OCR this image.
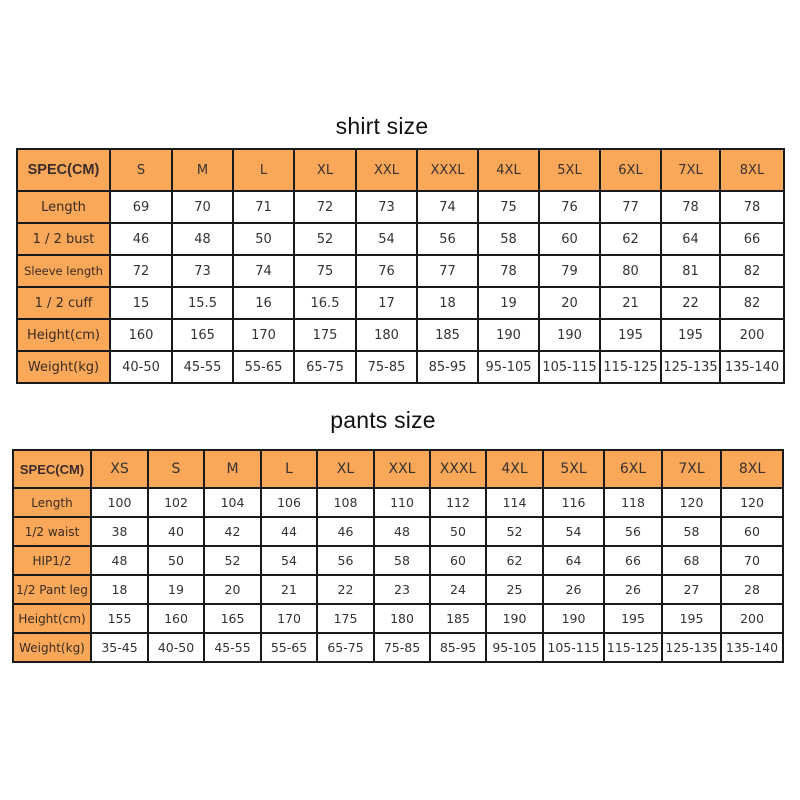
shirt size
SPEC(CM)	S	M	L	XL	XXL	XXXL	4XL	5XL	6XL	7XL	8XL
Length	69	70	71	72	73	74	75	76	77	78	78
1 / 2 bust	46	48	50	52	54	56	58	60	62	64	66
Sleeve length	72	73	74	75	76	77	78	79	80	81	82
1 / 2 cuff	15	15.5	16	16.5	17	18	19	20	21	22	82
Height(cm)	160	165	170	175	180	185	190	190	195	195	200
Weight(kg)	40-50	45-55	55-65	65-75	75-85	85-95	95-105	105-115	115-125	125-135	135-140
pants size
SPEC(CM)	XS	S	M	L	XL	XXL	XXXL	4XL	5XL	6XL	7XL	8XL
Length	100	102	104	106	108	110	112	114	116	118	120	120
1/2 waist	38	40	42	44	46	48	50	52	54	56	58	60
HIP1/2	48	50	52	54	56	58	60	62	64	66	68	70
1/2 Pant leg	18	19	20	21	22	23	24	25	26	26	27	28
Height(cm)	155	160	165	170	175	180	185	190	190	195	195	200
Weight(kg)	35-45	40-50	45-55	55-65	65-75	75-85	85-95	95-105	105-115	115-125	125-135	135-140
